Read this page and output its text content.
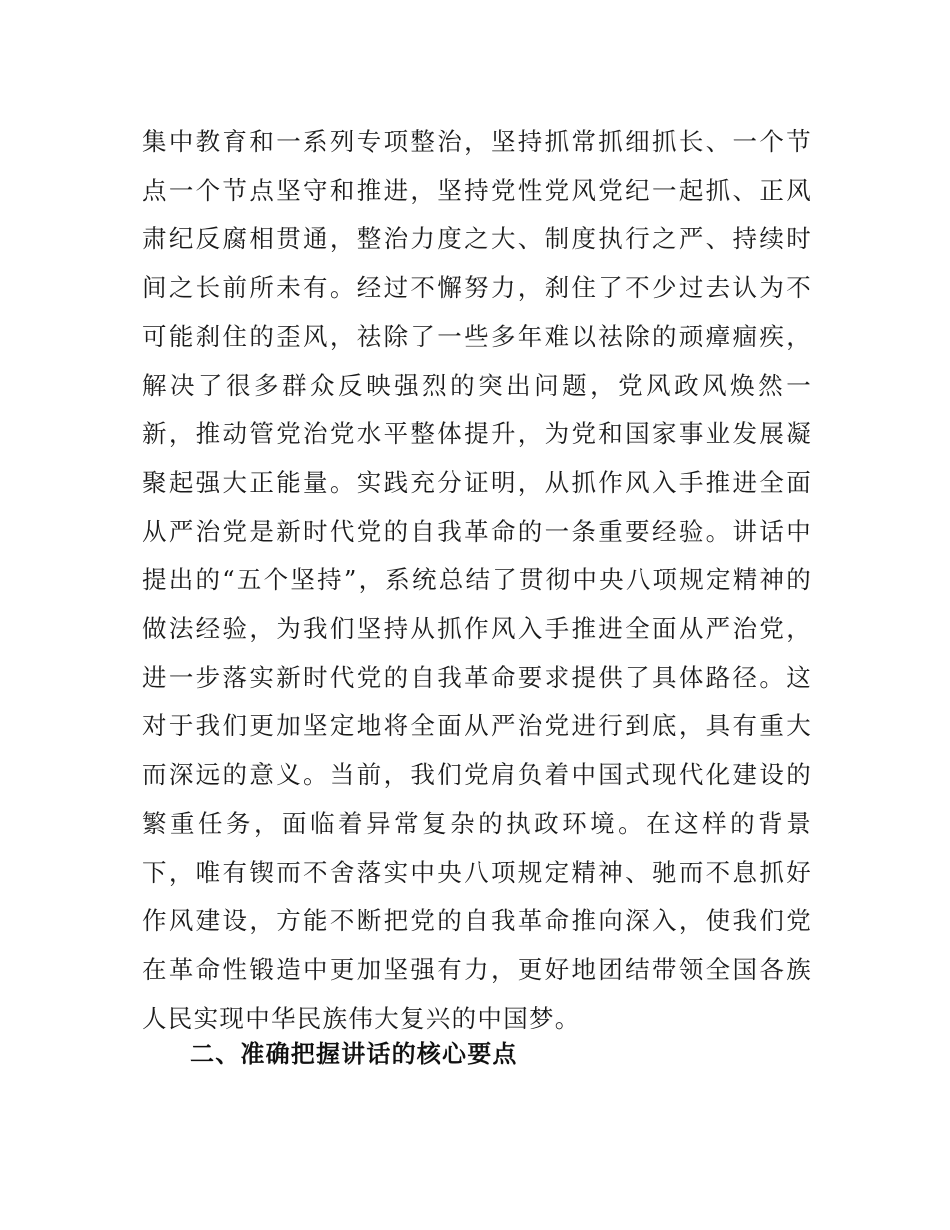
集中教育和一系列专项整治，坚持抓常抓细抓长、一个节点一个节点坚守和推进，坚持党性党风党纪一起抓、正风肃纪反腐相贯通，整治力度之大、制度执行之严、持续时间之长前所未有。经过不懈努力，刹住了不少过去认为不可能刹住的歪风，祛除了一些多年难以祛除的顽瘴痼疾，解决了很多群众反映强烈的突出问题，党风政风焕然一新，推动管党治党水平整体提升，为党和国家事业发展凝聚起强大正能量。实践充分证明，从抓作风入手推进全面从严治党是新时代党的自我革命的一条重要经验。讲话中提出的“五个坚持”，系统总结了贯彻中央八项规定精神的做法经验，为我们坚持从抓作风入手推进全面从严治党，进一步落实新时代党的自我革命要求提供了具体路径。这对于我们更加坚定地将全面从严治党进行到底，具有重大而深远的意义。当前，我们党肩负着中国式现代化建设的繁重任务，面临着异常复杂的执政环境。在这样的背景下，唯有锲而不舍落实中央八项规定精神、驰而不息抓好作风建设，方能不断把党的自我革命推向深入，使我们党在革命性锻造中更加坚强有力，更好地团结带领全国各族人民实现中华民族伟大复兴的中国梦。

二、准确把握讲话的核心要点
